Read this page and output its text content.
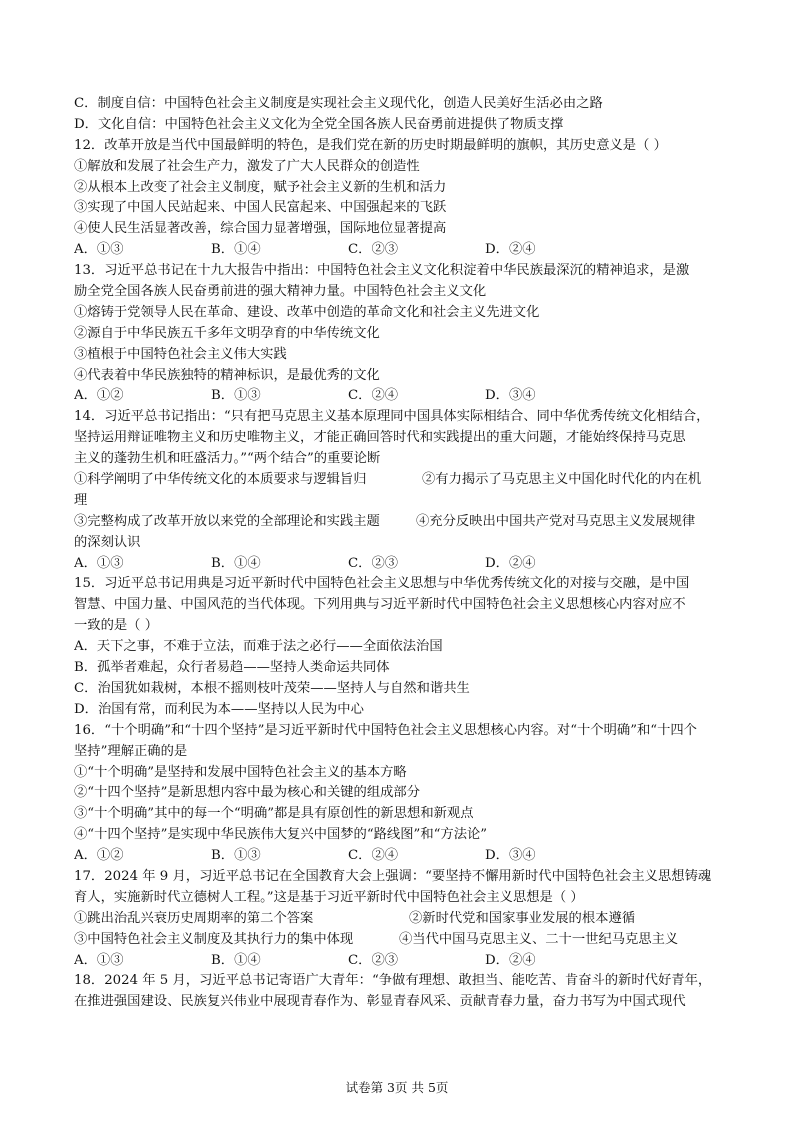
C．制度自信：中国特色社会主义制度是实现社会主义现代化，创造人民美好生活必由之路
D．文化自信：中国特色社会主义文化为全党全国各族人民奋勇前进提供了物质支撑
12．改革开放是当代中国最鲜明的特色，是我们党在新的历史时期最鲜明的旗帜，其历史意义是（ ）
①解放和发展了社会生产力，激发了广大人民群众的创造性
②从根本上改变了社会主义制度，赋予社会主义新的生机和活力
③实现了中国人民站起来、中国人民富起来、中国强起来的飞跃
④使人民生活显著改善，综合国力显著增强，国际地位显著提高
A．①③	B．①④	C．②③	D．②④
13．习近平总书记在十九大报告中指出：中国特色社会主义文化积淀着中华民族最深沉的精神追求，是激
励全党全国各族人民奋勇前进的强大精神力量。中国特色社会主义文化
①熔铸于党领导人民在革命、建设、改革中创造的革命文化和社会主义先进文化
②源自于中华民族五千多年文明孕育的中华传统文化
③植根于中国特色社会主义伟大实践
④代表着中华民族独特的精神标识，是最优秀的文化
A．①②	B．①③	C．②④	D．③④
14．习近平总书记指出：“只有把马克思主义基本原理同中国具体实际相结合、同中华优秀传统文化相结合，
坚持运用辩证唯物主义和历史唯物主义，才能正确回答时代和实践提出的重大问题，才能始终保持马克思
主义的蓬勃生机和旺盛活力。”“两个结合”的重要论断
①科学阐明了中华传统文化的本质要求与逻辑旨归	②有力揭示了马克思主义中国化时代化的内在机
理
③完整构成了改革开放以来党的全部理论和实践主题	④充分反映出中国共产党对马克思主义发展规律
的深刻认识
A．①③	B．①④	C．②③	D．②④
15．习近平总书记用典是习近平新时代中国特色社会主义思想与中华优秀传统文化的对接与交融，是中国
智慧、中国力量、中国风范的当代体现。下列用典与习近平新时代中国特色社会主义思想核心内容对应不
一致的是（ ）
A．天下之事，不难于立法，而难于法之必行——全面依法治国
B．孤举者难起，众行者易趋——坚持人类命运共同体
C．治国犹如栽树，本根不摇则枝叶茂荣——坚持人与自然和谐共生
D．治国有常，而利民为本——坚持以人民为中心
16．“十个明确”和“十四个坚持”是习近平新时代中国特色社会主义思想核心内容。对“十个明确”和“十四个
坚持”理解正确的是
①“十个明确”是坚持和发展中国特色社会主义的基本方略
②“十四个坚持”是新思想内容中最为核心和关键的组成部分
③“十个明确”其中的每一个“明确”都是具有原创性的新思想和新观点
④“十四个坚持”是实现中华民族伟大复兴中国梦的“路线图”和“方法论”
A．①②	B．①③	C．②④	D．③④
17．2024 年 9 月，习近平总书记在全国教育大会上强调：“要坚持不懈用新时代中国特色社会主义思想铸魂
育人，实施新时代立德树人工程。”这是基于习近平新时代中国特色社会主义思想是（ ）
①跳出治乱兴衰历史周期率的第二个答案	②新时代党和国家事业发展的根本遵循
③中国特色社会主义制度及其执行力的集中体现	④当代中国马克思主义、二十一世纪马克思主义
A．①③	B．①④	C．②③	D．②④
18．2024 年 5 月，习近平总书记寄语广大青年：“争做有理想、敢担当、能吃苦、肯奋斗的新时代好青年，
在推进强国建设、民族复兴伟业中展现青春作为、彰显青春风采、贡献青春力量，奋力书写为中国式现代
试卷第 3页 共 5页
